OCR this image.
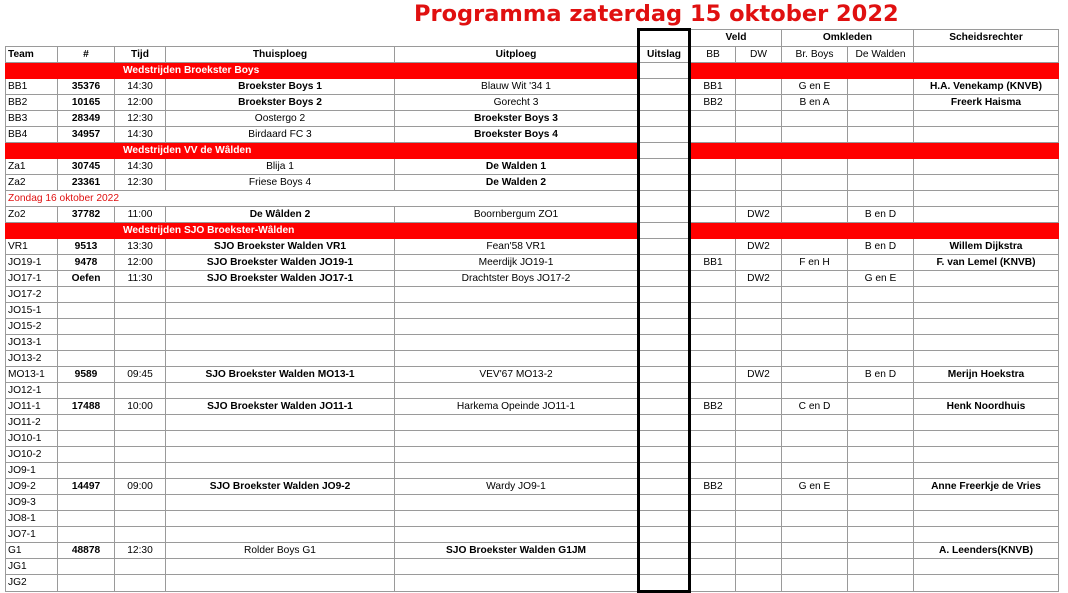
Programma zaterdag 15 oktober 2022
						Veld		Omkleden		Scheidsrechter
Team	#	Tijd	Thuisploeg	Uitploeg	Uitslag	BB	DW	Br. Boys	De Walden	
Wedstrijden Broekster Boys										
BB1	35376	14:30	Broekster Boys 1	Blauw Wit '34 1		BB1		G en E		H.A. Venekamp (KNVB)
BB2	10165	12:00	Broekster Boys 2	Gorecht 3		BB2		B en A		Freerk Haisma
BB3	28349	12:30	Oostergo 2	Broekster Boys 3						
BB4	34957	14:30	Birdaard FC 3	Broekster Boys 4						
Wedstrijden VV de Wâlden										
Za1	30745	14:30	Blija 1	De Walden 1						
Za2	23361	12:30	Friese Boys 4	De Walden 2						
Zondag 16 oktober 2022										
Zo2	37782	11:00	De Wâlden 2	Boornbergum ZO1			DW2		B en D	
Wedstrijden SJO Broekster-Wâlden										
VR1	9513	13:30	SJO Broekster Walden VR1	Fean'58 VR1			DW2		B en D	Willem Dijkstra
JO19-1	9478	12:00	SJO Broekster Walden JO19-1	Meerdijk JO19-1		BB1		F en H		F. van Lemel (KNVB)
JO17-1	Oefen	11:30	SJO Broekster Walden JO17-1	Drachtster Boys JO17-2			DW2		G en E	
JO17-2										
JO15-1										
JO15-2										
JO13-1										
JO13-2										
MO13-1	9589	09:45	SJO Broekster Walden MO13-1	VEV'67 MO13-2			DW2		B en D	Merijn Hoekstra
JO12-1										
JO11-1	17488	10:00	SJO Broekster Walden JO11-1	Harkema Opeinde JO11-1		BB2		C en D		Henk Noordhuis
JO11-2										
JO10-1										
JO10-2										
JO9-1										
JO9-2	14497	09:00	SJO Broekster Walden JO9-2	Wardy JO9-1		BB2		G en E		Anne Freerkje de Vries
JO9-3										
JO8-1										
JO7-1										
G1	48878	12:30	Rolder Boys G1	SJO Broekster Walden G1JM						A. Leenders(KNVB)
JG1										
JG2										
